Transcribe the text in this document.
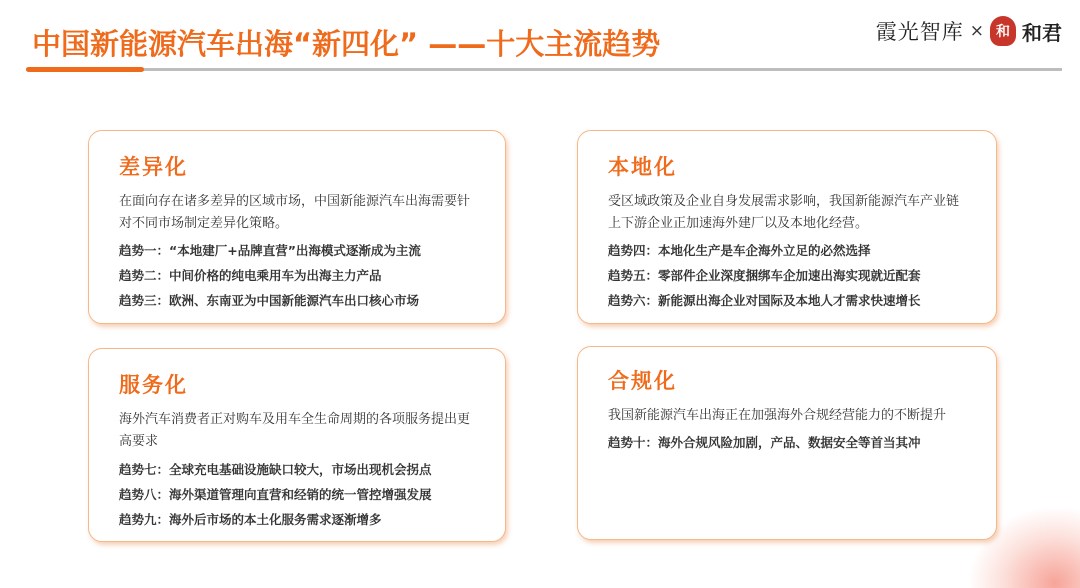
中国新能源汽车出海“新四化” ——十大主流趋势	霞光智库 × 和 和君
差异化

在面向存在诸多差异的区域市场，中国新能源汽车出海需要针对不同市场制定差异化策略。

趋势一：“本地建厂+品牌直营”出海模式逐渐成为主流
趋势二：中间价格的纯电乘用车为出海主力产品
趋势三：欧洲、东南亚为中国新能源汽车出口核心市场
本地化

受区域政策及企业自身发展需求影响，我国新能源汽车产业链上下游企业正加速海外建厂以及本地化经营。

趋势四：本地化生产是车企海外立足的必然选择
趋势五：零部件企业深度捆绑车企加速出海实现就近配套
趋势六：新能源出海企业对国际及本地人才需求快速增长
服务化

海外汽车消费者正对购车及用车全生命周期的各项服务提出更高要求

趋势七：全球充电基础设施缺口较大，市场出现机会拐点
趋势八：海外渠道管理向直营和经销的统一管控增强发展
趋势九：海外后市场的本土化服务需求逐渐增多
合规化

我国新能源汽车出海正在加强海外合规经营能力的不断提升

趋势十：海外合规风险加剧，产品、数据安全等首当其冲
